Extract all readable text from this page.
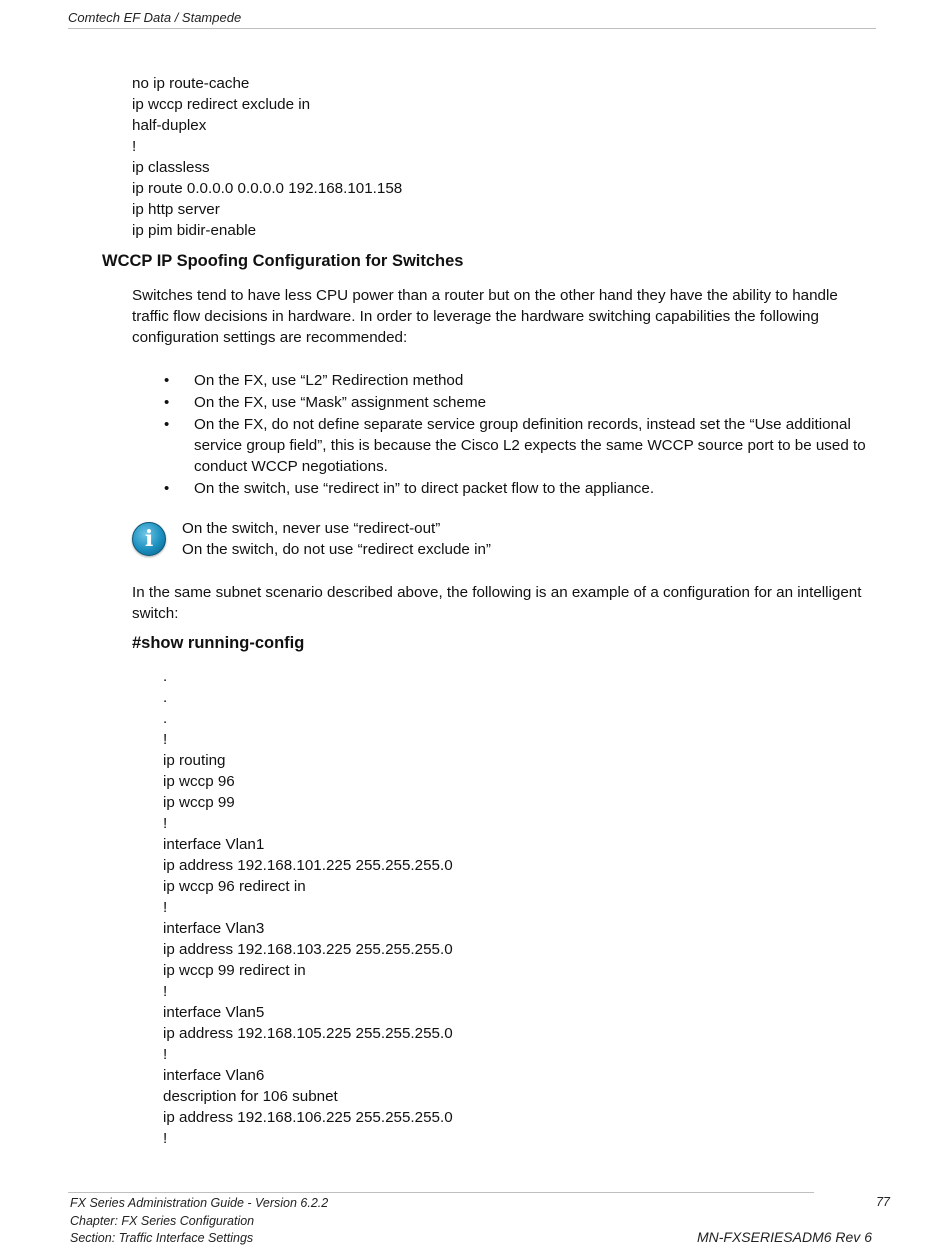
Comtech EF Data / Stampede
no ip route-cache
ip wccp redirect exclude in
half-duplex
!
ip classless
ip route 0.0.0.0 0.0.0.0 192.168.101.158
ip http server
ip pim bidir-enable
WCCP IP Spoofing Configuration for Switches
Switches tend to have less CPU power than a router but on the other hand they have the ability to handle traffic flow decisions in hardware. In order to leverage the hardware switching capabilities the following configuration settings are recommended:
• On the FX, use “L2” Redirection method
• On the FX, use “Mask” assignment scheme
• On the FX, do not define separate service group definition records, instead set the “Use additional service group field”, this is because the Cisco L2 expects the same WCCP source port to be used to conduct WCCP negotiations.
• On the switch, use “redirect in” to direct packet flow to the appliance.
i	On the switch, never use “redirect-out”
On the switch, do not use “redirect exclude in”
In the same subnet scenario described above, the following is an example of a configuration for an intelligent switch:
#show running-config
.
.
.
!
ip routing
ip wccp 96
ip wccp 99
!
interface Vlan1
ip address 192.168.101.225 255.255.255.0
ip wccp 96 redirect in
!
interface Vlan3
ip address 192.168.103.225 255.255.255.0
ip wccp 99 redirect in
!
interface Vlan5
ip address 192.168.105.225 255.255.255.0
!
interface Vlan6
description for 106 subnet
ip address 192.168.106.225 255.255.255.0
!
FX Series Administration Guide - Version 6.2.2
Chapter: FX Series Configuration
Section: Traffic Interface Settings
77
MN-FXSERIESADM6 Rev 6
